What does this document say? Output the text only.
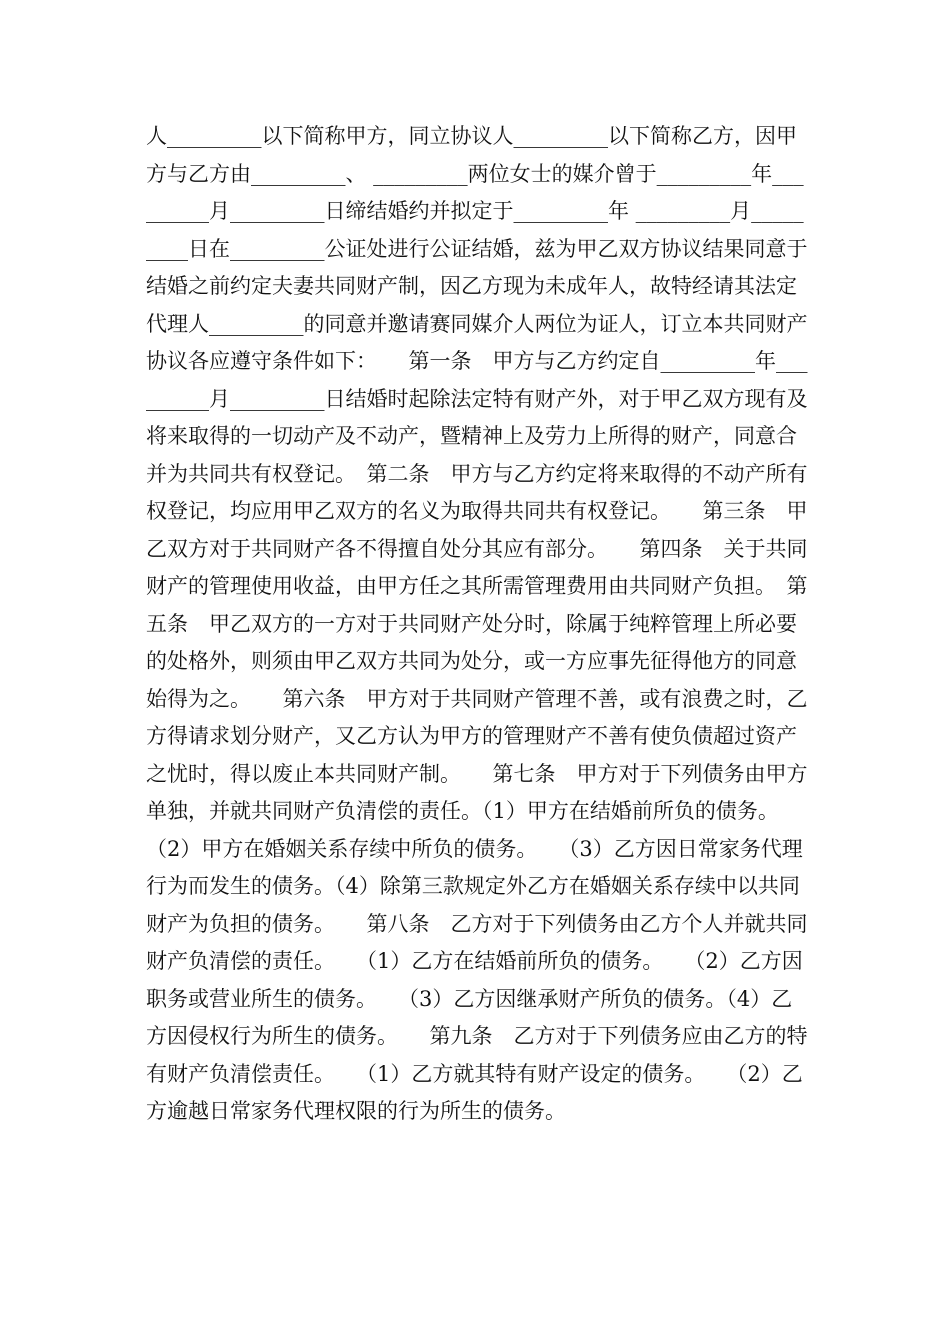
人_________以下简称甲方，同立协议人_________以下简称乙方，因甲方与乙方由_________、 _________两位女士的媒介曾于_________年_________月_________日缔结婚约并拟定于_________年 _________月_________日在_________公证处进行公证结婚，兹为甲乙双方协议结果同意于结婚之前约定夫妻共同财产制，因乙方现为未成年人，故特经请其法定代理人_________的同意并邀请赛同媒介人两位为证人，订立本共同财产协议各应遵守条件如下：　　第一条　甲方与乙方约定自_________年_________月_________日结婚时起除法定特有财产外，对于甲乙双方现有及将来取得的一切动产及不动产，暨精神上及劳力上所得的财产，同意合并为共同共有权登记。　第二条　甲方与乙方约定将来取得的不动产所有权登记，均应用甲乙双方的名义为取得共同共有权登记。　　第三条　甲乙双方对于共同财产各不得擅自处分其应有部分。　　第四条　关于共同财产的管理使用收益，由甲方任之其所需管理费用由共同财产负担。　第五条　甲乙双方的一方对于共同财产处分时，除属于纯粹管理上所必要的处格外，则须由甲乙双方共同为处分，或一方应事先征得他方的同意始得为之。　　第六条　甲方对于共同财产管理不善，或有浪费之时，乙方得请求划分财产，又乙方认为甲方的管理财产不善有使负债超过资产之忧时，得以废止本共同财产制。　　第七条　甲方对于下列债务由甲方单独，并就共同财产负清偿的责任。（1）甲方在结婚前所负的债务。　　（2）甲方在婚姻关系存续中所负的债务。　　（3）乙方因日常家务代理行为而发生的债务。（4）除第三款规定外乙方在婚姻关系存续中以共同财产为负担的债务。　　第八条　乙方对于下列债务由乙方个人并就共同财产负清偿的责任。　　（1）乙方在结婚前所负的债务。　　（2）乙方因职务或营业所生的债务。　　（3）乙方因继承财产所负的债务。（4）乙方因侵权行为所生的债务。　　第九条　乙方对于下列债务应由乙方的特有财产负清偿责任。　　（1）乙方就其特有财产设定的债务。　　（2）乙方逾越日常家务代理权限的行为所生的债务。
